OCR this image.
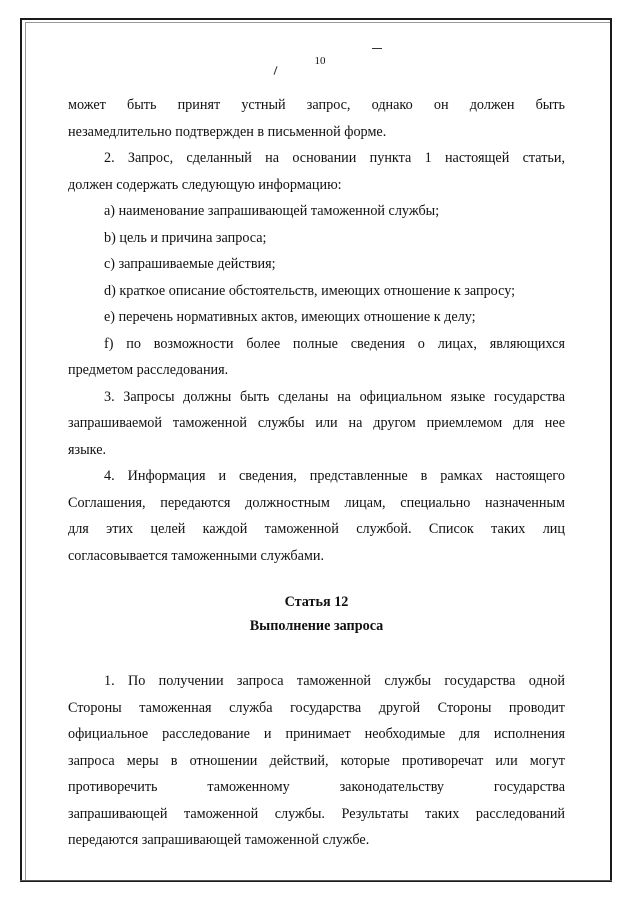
10

может быть принят устный запрос, однако он должен быть

незамедлительно подтвержден в письменной форме.

2. Запрос, сделанный на основании пункта 1 настоящей статьи,

должен содержать следующую информацию:

а) наименование запрашивающей таможенной службы;

b) цель и причина запроса;

c) запрашиваемые действия;

d) краткое описание обстоятельств, имеющих отношение к запросу;

e) перечень нормативных актов, имеющих отношение к делу;

f) по возможности более полные сведения о лицах, являющихся

предметом расследования.

3. Запросы должны быть сделаны на официальном языке государства

запрашиваемой таможенной службы или на другом приемлемом для нее

языке.

4. Информация и сведения, представленные в рамках настоящего

Соглашения, передаются должностным лицам, специально назначенным

для этих целей каждой таможенной службой. Список таких лиц

согласовывается таможенными службами.

Статья 12
Выполнение запроса

1. По получении запроса таможенной службы государства одной

Стороны таможенная служба государства другой Стороны проводит

официальное расследование и принимает необходимые для исполнения

запроса меры в отношении действий, которые противоречат или могут

противоречить таможенному законодательству государства

запрашивающей таможенной службы. Результаты таких расследований

передаются запрашивающей таможенной службе.
